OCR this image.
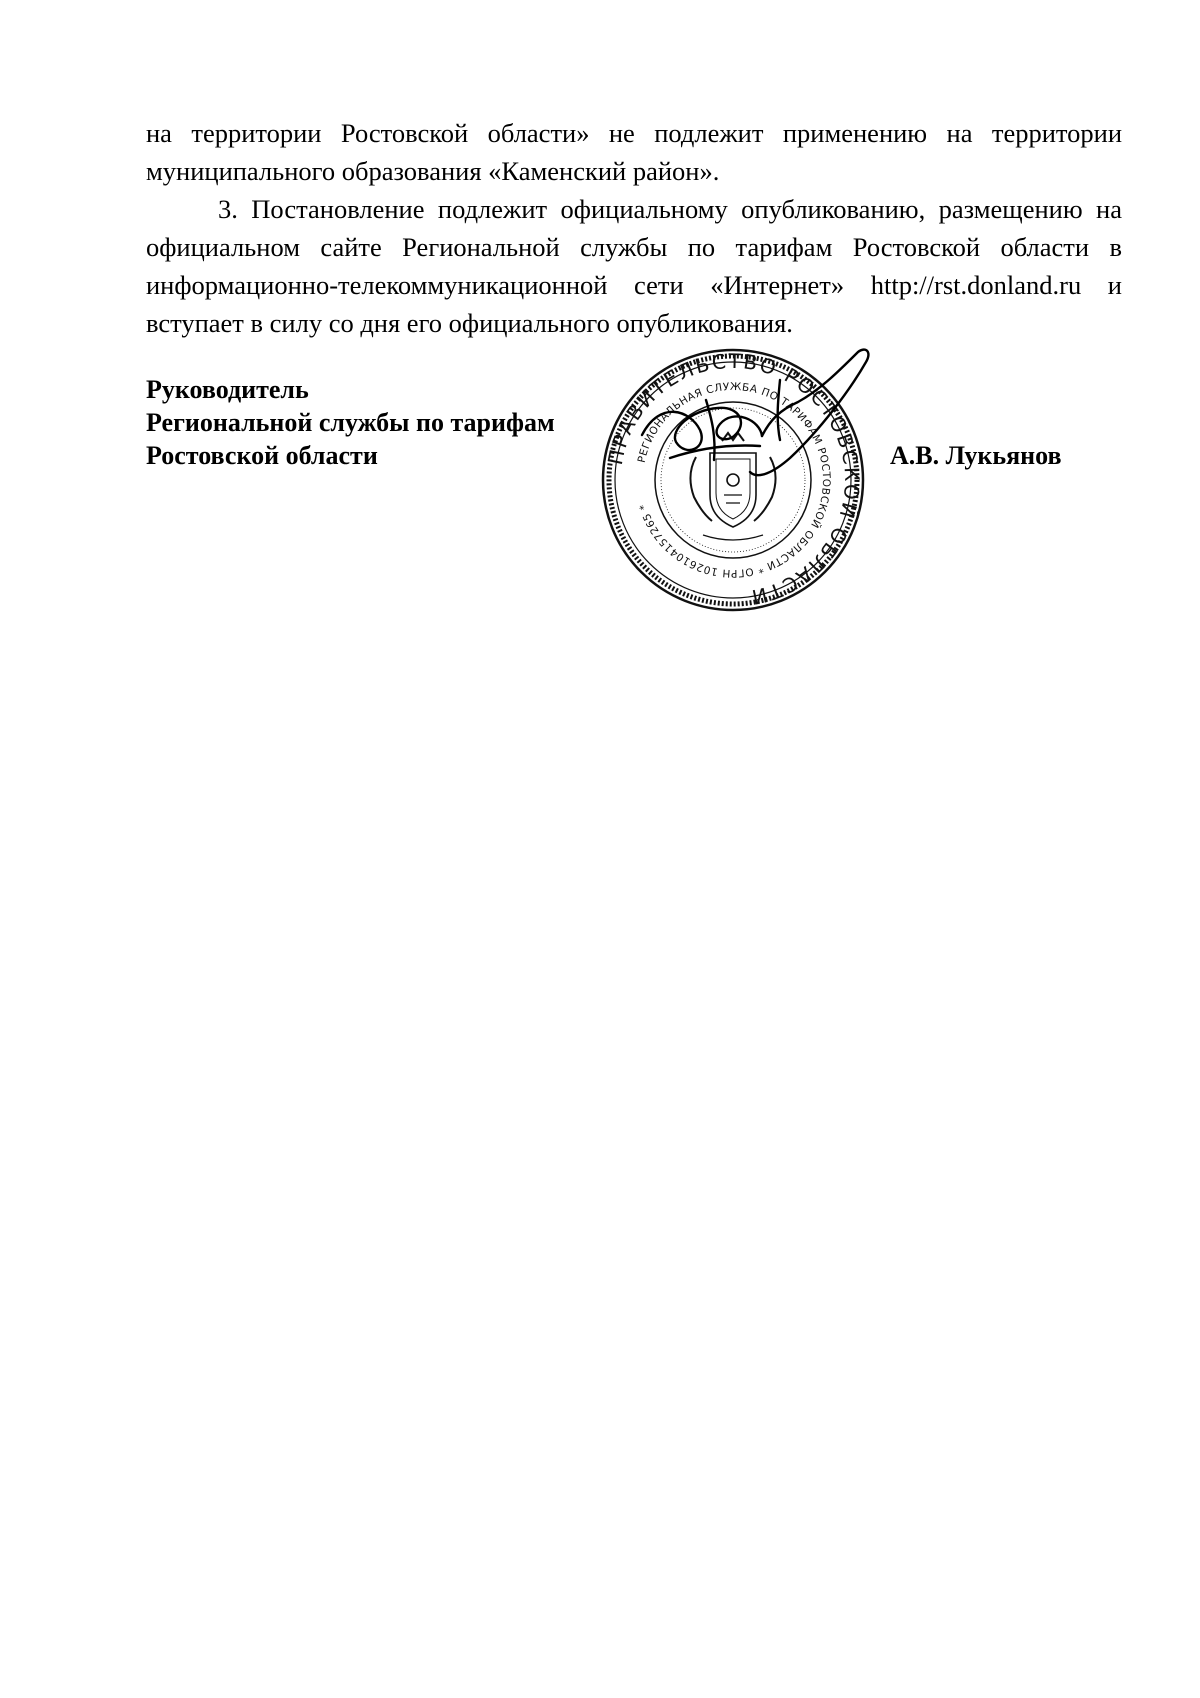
на территории Ростовской области» не подлежит применению на территории муниципального образования «Каменский район».

3. Постановление подлежит официальному опубликованию, размещению на официальном сайте Региональной службы по тарифам Ростовской области в информационно-телекоммуникационной сети «Интернет» http://rst.donland.ru и вступает в силу со дня его официального опубликования.

Руководитель
Региональной службы по тарифам
Ростовской области	ПРАВИТЕЛЬСТВО РОСТОВСКОЙ ОБЛАСТИ
РЕГИОНАЛЬНАЯ СЛУЖБА ПО ТАРИФАМ РОСТОВСКОЙ ОБЛАСТИ * ОГРН 1026104157265 *
А.В. Лукьянов
